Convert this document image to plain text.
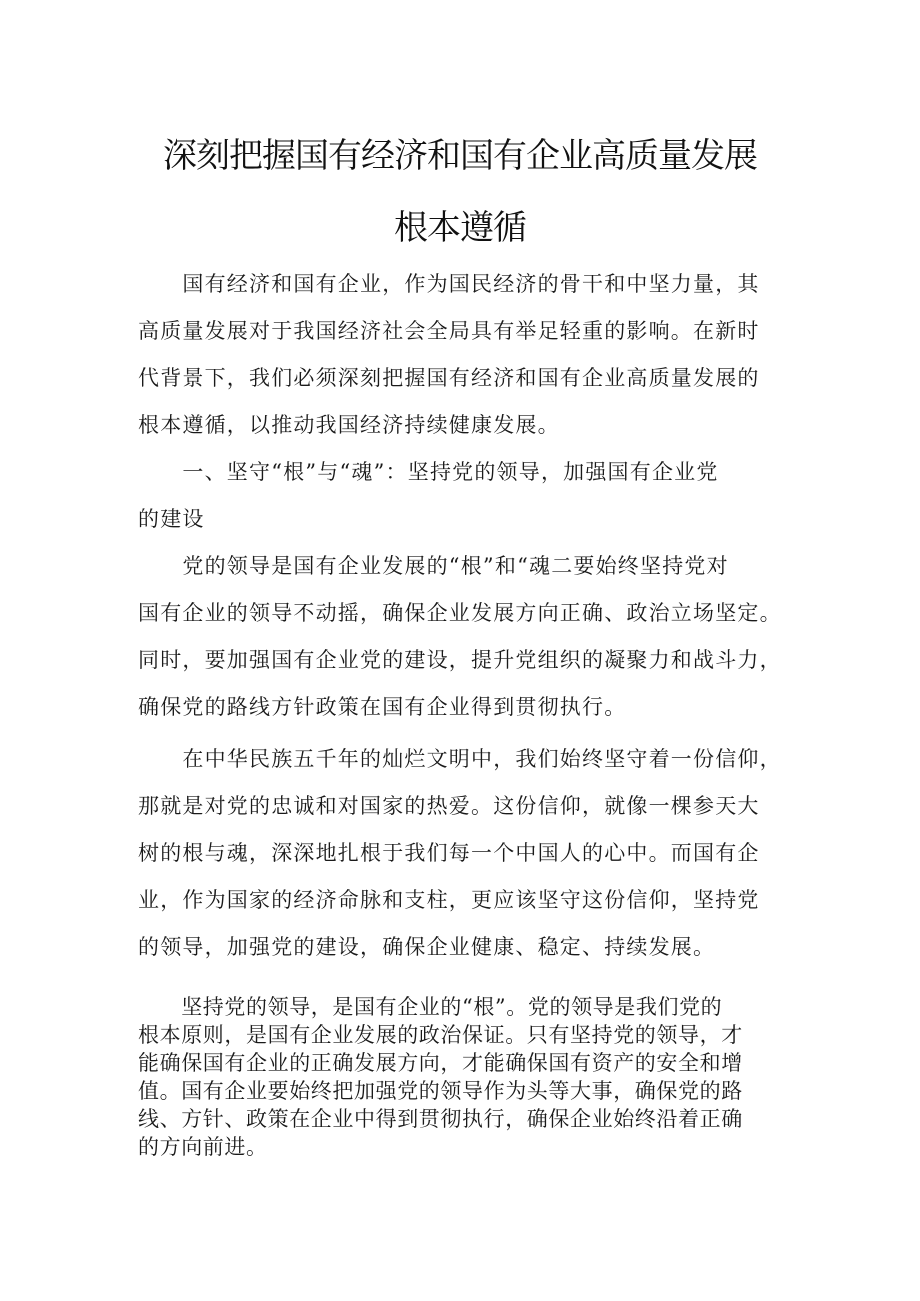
深刻把握国有经济和国有企业高质量发展
根本遵循
　　国有经济和国有企业，作为国民经济的骨干和中坚力量，其
高质量发展对于我国经济社会全局具有举足轻重的影响。在新时
代背景下，我们必须深刻把握国有经济和国有企业高质量发展的
根本遵循，以推动我国经济持续健康发展。
　　一、坚守“根”与“魂”：坚持党的领导，加强国有企业党
的建设
　　党的领导是国有企业发展的“根”和“魂二要始终坚持党对
国有企业的领导不动摇，确保企业发展方向正确、政治立场坚定。
同时，要加强国有企业党的建设，提升党组织的凝聚力和战斗力，
确保党的路线方针政策在国有企业得到贯彻执行。
　　在中华民族五千年的灿烂文明中，我们始终坚守着一份信仰，
那就是对党的忠诚和对国家的热爱。这份信仰，就像一棵参天大
树的根与魂，深深地扎根于我们每一个中国人的心中。而国有企
业，作为国家的经济命脉和支柱，更应该坚守这份信仰，坚持党
的领导，加强党的建设，确保企业健康、稳定、持续发展。
　　坚持党的领导，是国有企业的“根”。党的领导是我们党的
根本原则，是国有企业发展的政治保证。只有坚持党的领导，才
能确保国有企业的正确发展方向，才能确保国有资产的安全和增
值。国有企业要始终把加强党的领导作为头等大事，确保党的路
线、方针、政策在企业中得到贯彻执行，确保企业始终沿着正确
的方向前进。
